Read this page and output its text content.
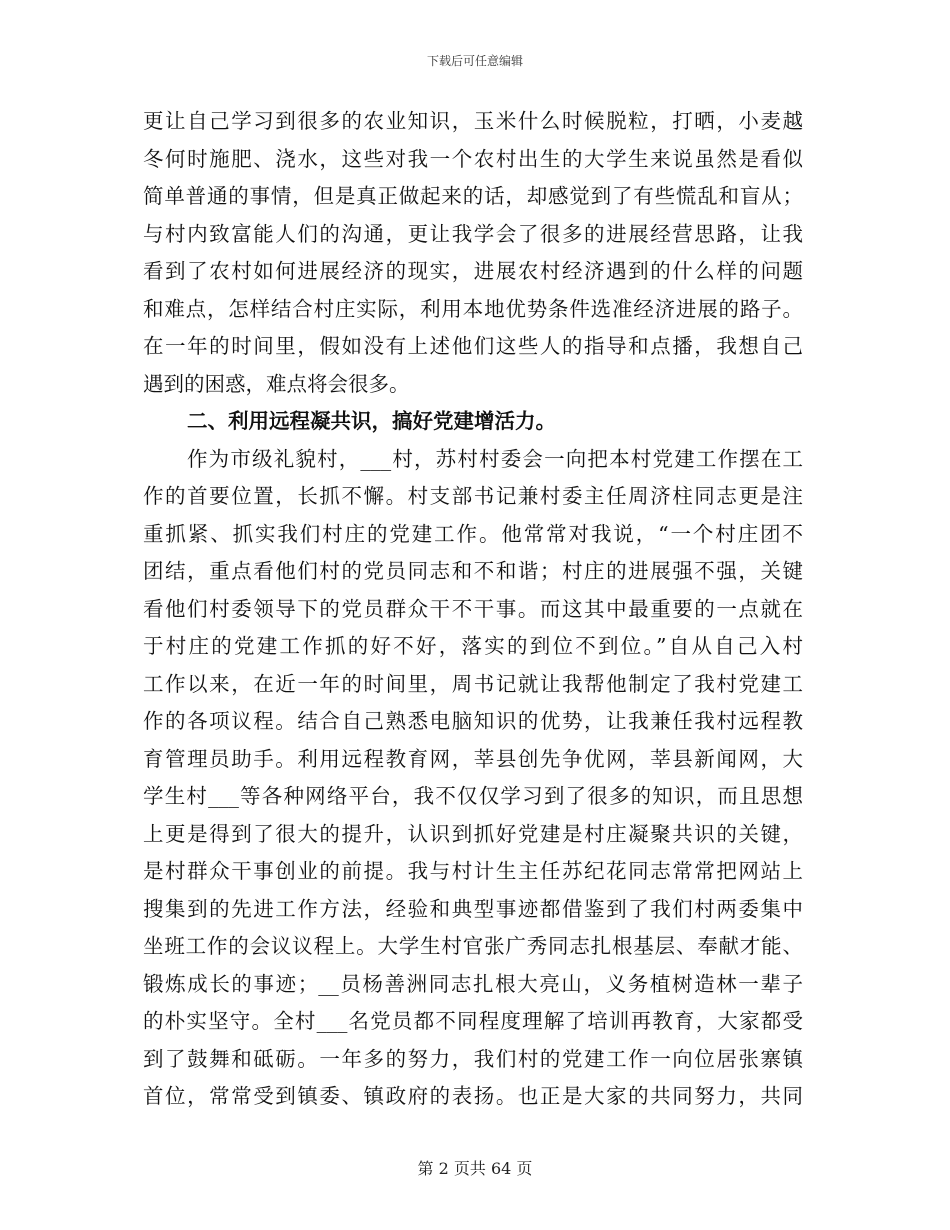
下载后可任意编辑
更让自己学习到很多的农业知识，玉米什么时候脱粒，打晒，小麦越
冬何时施肥、浇水，这些对我一个农村出生的大学生来说虽然是看似
简单普通的事情，但是真正做起来的话，却感觉到了有些慌乱和盲从；
与村内致富能人们的沟通，更让我学会了很多的进展经营思路，让我
看到了农村如何进展经济的现实，进展农村经济遇到的什么样的问题
和难点，怎样结合村庄实际，利用本地优势条件选准经济进展的路子。
在一年的时间里，假如没有上述他们这些人的指导和点播，我想自己
遇到的困惑，难点将会很多。
二、利用远程凝共识，搞好党建增活力。
作为市级礼貌村，___村，苏村村委会一向把本村党建工作摆在工
作的首要位置，长抓不懈。村支部书记兼村委主任周济柱同志更是注
重抓紧、抓实我们村庄的党建工作。他常常对我说，“一个村庄团不
团结，重点看他们村的党员同志和不和谐；村庄的进展强不强，关键
看他们村委领导下的党员群众干不干事。而这其中最重要的一点就在
于村庄的党建工作抓的好不好，落实的到位不到位。”自从自己入村
工作以来，在近一年的时间里，周书记就让我帮他制定了我村党建工
作的各项议程。结合自己熟悉电脑知识的优势，让我兼任我村远程教
育管理员助手。利用远程教育网，莘县创先争优网，莘县新闻网，大
学生村___等各种网络平台，我不仅仅学习到了很多的知识，而且思想
上更是得到了很大的提升，认识到抓好党建是村庄凝聚共识的关键，
是村群众干事创业的前提。我与村计生主任苏纪花同志常常把网站上
搜集到的先进工作方法，经验和典型事迹都借鉴到了我们村两委集中
坐班工作的会议议程上。大学生村官张广秀同志扎根基层、奉献才能、
锻炼成长的事迹；__员杨善洲同志扎根大亮山，义务植树造林一辈子
的朴实坚守。全村___名党员都不同程度理解了培训再教育，大家都受
到了鼓舞和砥砺。一年多的努力，我们村的党建工作一向位居张寨镇
首位，常常受到镇委、镇政府的表扬。也正是大家的共同努力，共同
第 2 页共 64 页
